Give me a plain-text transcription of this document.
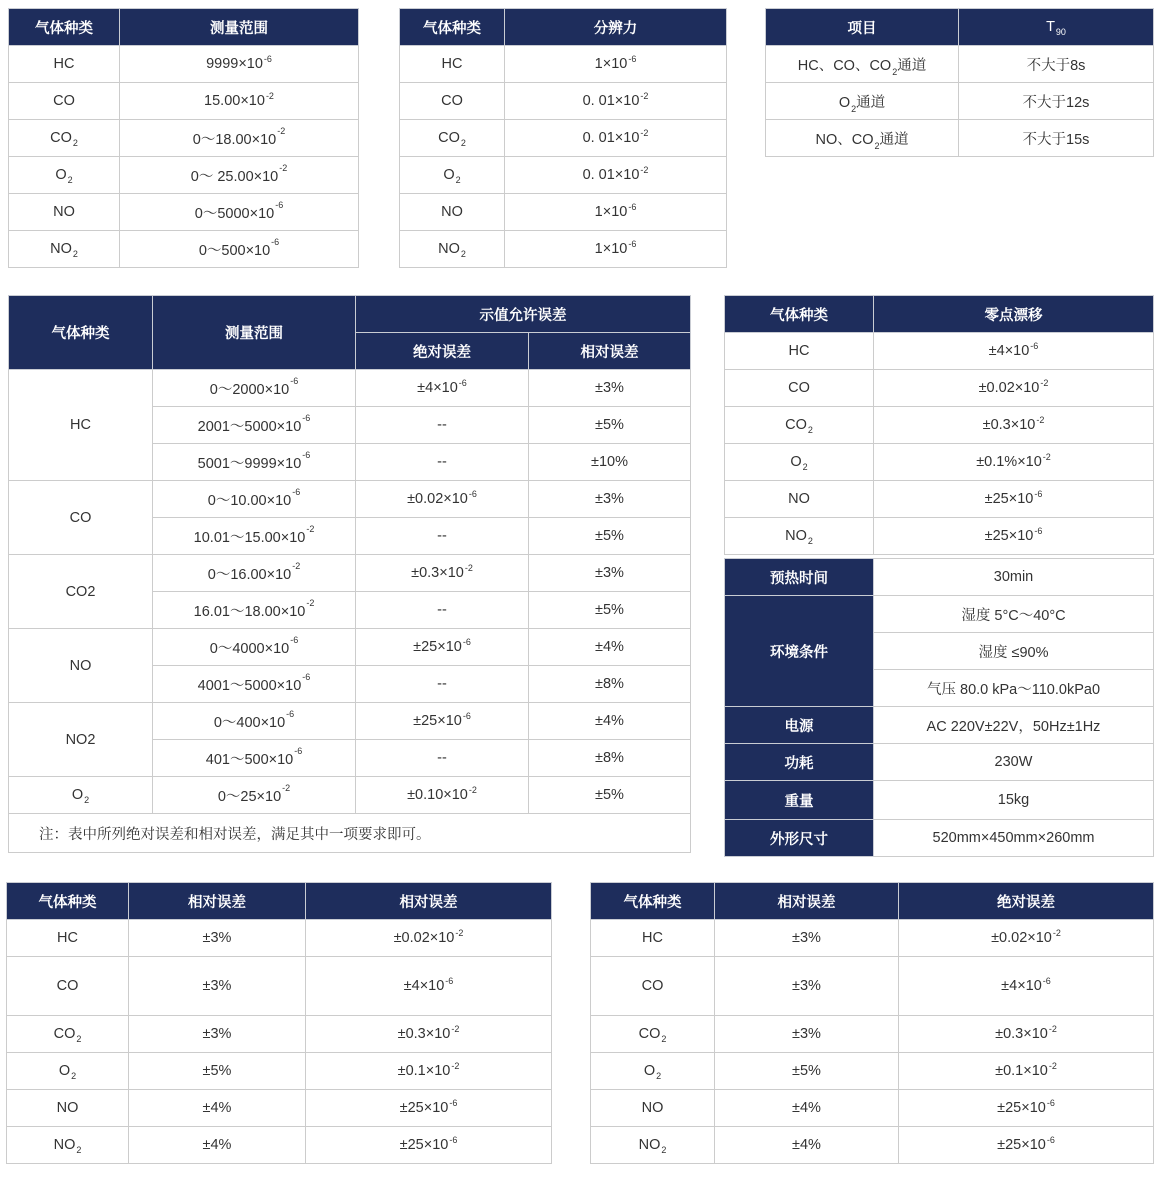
气体种类	测量范围
HC	$9999\times 10^{-6}$
CO	$15.00\times 10^{-2}$
$CO_2$	$0\sim 18.00\times 10^{-2}$
$O_2$	0～ $25.00\times 10^{-2}$
NO	$0\sim 5000\times 10^{-6}$
$NO_2$	$0\sim 500\times 10^{-6}$
气体种类	分辨力
HC	$1\times 10^{-6}$
CO	0. $01\times 10^{-2}$
$CO_2$	0. $01\times 10^{-2}$
$O_2$	0. $01\times 10^{-2}$
NO	$1\times 10^{-6}$
$NO_2$	$1\times 10^{-6}$
项目	$T_{90}$
HC、CO、$CO_2$通道	不大于8s
$O_2$通道	不大于12s
NO、$CO_2$通道	不大于15s
气体种类	测量范围	示值允许误差	
		绝对误差	相对误差
HC	$0\sim 2000\times 10^{-6}$	$\pm 4\times 10^{-6}$	±3%
	$2001\sim 5000\times 10^{-6}$	--	±5%
	$5001\sim 9999\times 10^{-6}$	--	±10%
CO	$0\sim 10.00\times 10^{-6}$	$\pm 0.02\times 10^{-6}$	±3%
	$10.01\sim 15.00\times 10^{-2}$	--	±5%
CO2	$0\sim 16.00\times 10^{-2}$	$\pm 0.3\times 10^{-2}$	±3%
	$16.01\sim 18.00\times 10^{-2}$	--	±5%
NO	$0\sim 4000\times 10^{-6}$	$\pm 25\times 10^{-6}$	±4%
	$4001\sim 5000\times 10^{-6}$	--	±8%
NO2	$0\sim 400\times 10^{-6}$	$\pm 25\times 10^{-6}$	±4%
	$401\sim 500\times 10^{-6}$	--	±8%
$O_2$	$0\sim 25\times 10^{-2}$	$\pm 0.10\times 10^{-2}$	±5%
注：表中所列绝对误差和相对误差，满足其中一项要求即可。			
气体种类	零点漂移
HC	$\pm 4\times 10^{-6}$
CO	$\pm 0.02\times 10^{-2}$
$CO_2$	$\pm 0.3\times 10^{-2}$
$O_2$	$\pm 0.1\%\times 10^{-2}$
NO	$\pm 25\times 10^{-6}$
$NO_2$	$\pm 25\times 10^{-6}$
预热时间	30min
环境条件	湿度 5°C～40°C
	湿度 ≤90%
	气压 80.0 kPa～110.0kPa0
电源	AC 220V±22V，50Hz±1Hz
功耗	230W
重量	15kg
外形尺寸	520mm×450mm×260mm
气体种类	相对误差	相对误差
HC	±3%	$\pm 0.02\times 10^{-2}$
CO	±3%	$\pm 4\times 10^{-6}$
$CO_2$	±3%	$\pm 0.3\times 10^{-2}$
$O_2$	±5%	$\pm 0.1\times 10^{-2}$
NO	±4%	$\pm 25\times 10^{-6}$
$NO_2$	±4%	$\pm 25\times 10^{-6}$
气体种类	相对误差	绝对误差
HC	±3%	$\pm 0.02\times 10^{-2}$
CO	±3%	$\pm 4\times 10^{-6}$
$CO_2$	±3%	$\pm 0.3\times 10^{-2}$
$O_2$	±5%	$\pm 0.1\times 10^{-2}$
NO	±4%	$\pm 25\times 10^{-6}$
$NO_2$	±4%	$\pm 25\times 10^{-6}$
